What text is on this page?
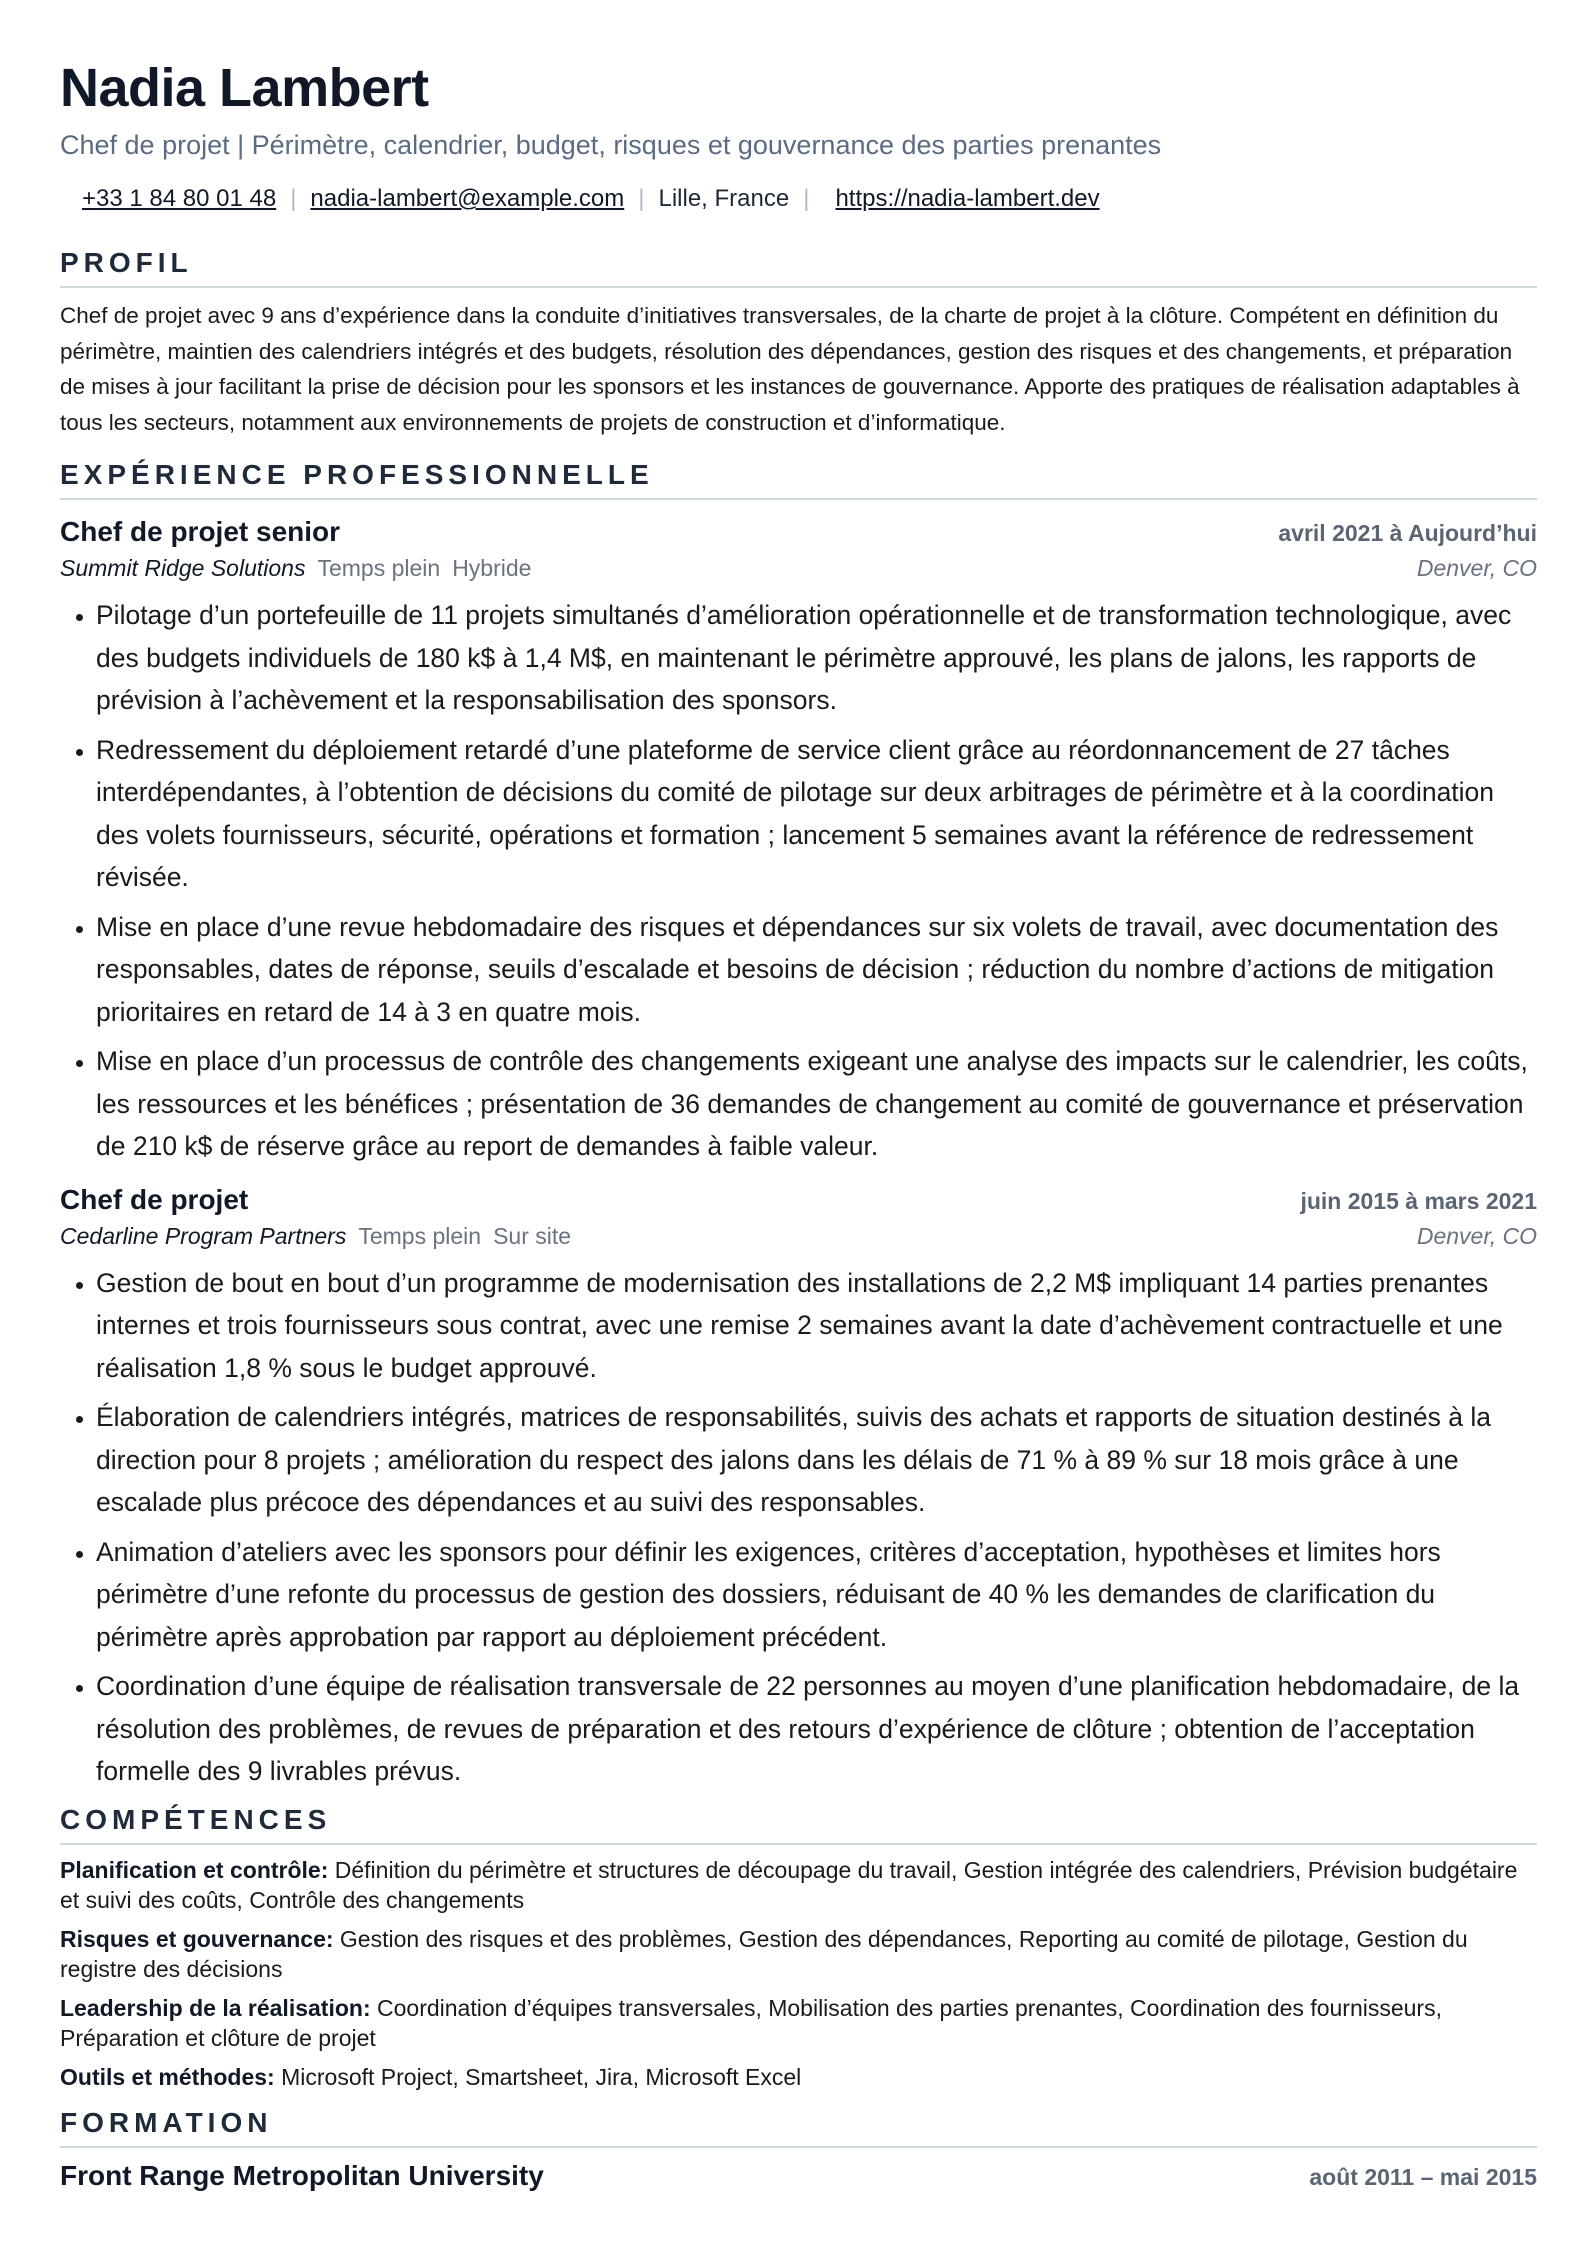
Nadia Lambert
Chef de projet | Périmètre, calendrier, budget, risques et gouvernance des parties prenantes
+33 1 84 80 01 48 | nadia-lambert@example.com | Lille, France | https://nadia-lambert.dev
PROFIL
Chef de projet avec 9 ans d’expérience dans la conduite d’initiatives transversales, de la charte de projet à la clôture. Compétent en définition du périmètre, maintien des calendriers intégrés et des budgets, résolution des dépendances, gestion des risques et des changements, et préparation de mises à jour facilitant la prise de décision pour les sponsors et les instances de gouvernance. Apporte des pratiques de réalisation adaptables à tous les secteurs, notamment aux environnements de projets de construction et d’informatique.
EXPÉRIENCE PROFESSIONNELLE
Chef de projet senior	avril 2021 à Aujourd’hui
Summit Ridge Solutions Temps plein Hybride	Denver, CO
• Pilotage d’un portefeuille de 11 projets simultanés d’amélioration opérationnelle et de transformation technologique, avec des budgets individuels de 180 k$ à 1,4 M$, en maintenant le périmètre approuvé, les plans de jalons, les rapports de prévision à l’achèvement et la responsabilisation des sponsors.
• Redressement du déploiement retardé d’une plateforme de service client grâce au réordonnancement de 27 tâches interdépendantes, à l’obtention de décisions du comité de pilotage sur deux arbitrages de périmètre et à la coordination des volets fournisseurs, sécurité, opérations et formation ; lancement 5 semaines avant la référence de redressement révisée.
• Mise en place d’une revue hebdomadaire des risques et dépendances sur six volets de travail, avec documentation des responsables, dates de réponse, seuils d’escalade et besoins de décision ; réduction du nombre d’actions de mitigation prioritaires en retard de 14 à 3 en quatre mois.
• Mise en place d’un processus de contrôle des changements exigeant une analyse des impacts sur le calendrier, les coûts, les ressources et les bénéfices ; présentation de 36 demandes de changement au comité de gouvernance et préservation de 210 k$ de réserve grâce au report de demandes à faible valeur.
Chef de projet	juin 2015 à mars 2021
Cedarline Program Partners Temps plein Sur site	Denver, CO
• Gestion de bout en bout d’un programme de modernisation des installations de 2,2 M$ impliquant 14 parties prenantes internes et trois fournisseurs sous contrat, avec une remise 2 semaines avant la date d’achèvement contractuelle et une réalisation 1,8 % sous le budget approuvé.
• Élaboration de calendriers intégrés, matrices de responsabilités, suivis des achats et rapports de situation destinés à la direction pour 8 projets ; amélioration du respect des jalons dans les délais de 71 % à 89 % sur 18 mois grâce à une escalade plus précoce des dépendances et au suivi des responsables.
• Animation d’ateliers avec les sponsors pour définir les exigences, critères d’acceptation, hypothèses et limites hors périmètre d’une refonte du processus de gestion des dossiers, réduisant de 40 % les demandes de clarification du périmètre après approbation par rapport au déploiement précédent.
• Coordination d’une équipe de réalisation transversale de 22 personnes au moyen d’une planification hebdomadaire, de la résolution des problèmes, de revues de préparation et des retours d’expérience de clôture ; obtention de l’acceptation formelle des 9 livrables prévus.
COMPÉTENCES
Planification et contrôle: Définition du périmètre et structures de découpage du travail, Gestion intégrée des calendriers, Prévision budgétaire et suivi des coûts, Contrôle des changements
Risques et gouvernance: Gestion des risques et des problèmes, Gestion des dépendances, Reporting au comité de pilotage, Gestion du registre des décisions
Leadership de la réalisation: Coordination d’équipes transversales, Mobilisation des parties prenantes, Coordination des fournisseurs, Préparation et clôture de projet
Outils et méthodes: Microsoft Project, Smartsheet, Jira, Microsoft Excel
FORMATION
Front Range Metropolitan University	août 2011 – mai 2015
